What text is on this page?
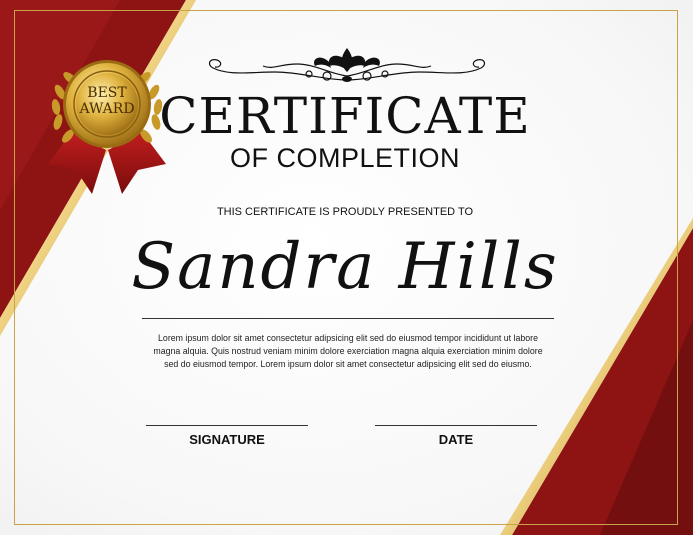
BEST
AWARD CERTIFICATE
OF COMPLETION
THIS CERTIFICATE IS PROUDLY PRESENTED TO
Sandra Hills
Lorem ipsum dolor sit amet consectetur adipsicing elit sed do eiusmod tempor incididunt ut labore
magna alquia. Quis nostrud veniam minim dolore exerciation magna alquia exerciation minim dolore
sed do eiusmod tempor. Lorem ipsum dolor sit amet consectetur adipsicing elit sed do eiusmo.
SIGNATURE	DATE
